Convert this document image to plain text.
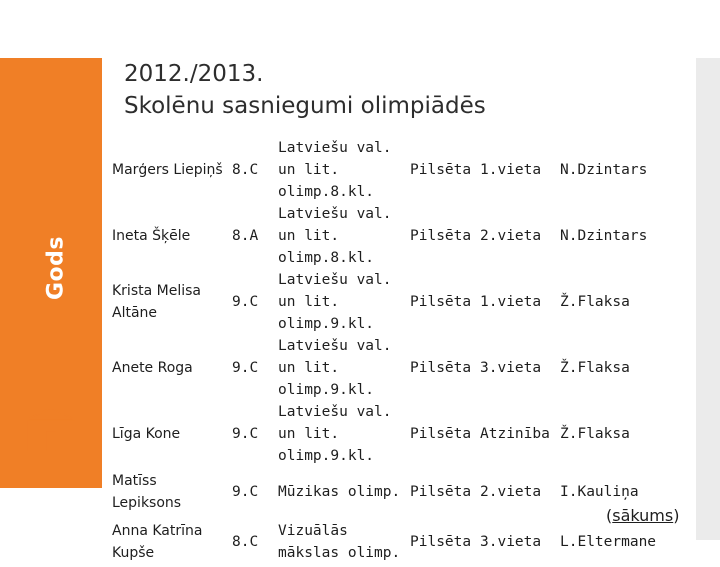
Gods
2012./2013.
Skolēnu sasniegumi olimpiādēs
Marģers Liepiņš	8.C	Latviešu val. un lit. olimp.8.kl.	Pilsēta	1.vieta	N.Dzintars
Ineta Šķēle	8.A	Latviešu val. un lit. olimp.8.kl.	Pilsēta	2.vieta	N.Dzintars
Krista Melisa Altāne	9.C	Latviešu val. un lit. olimp.9.kl.	Pilsēta	1.vieta	Ž.Flaksa
Anete Roga	9.C	Latviešu val. un lit. olimp.9.kl.	Pilsēta	3.vieta	Ž.Flaksa
Līga Kone	9.C	Latviešu val. un lit. olimp.9.kl.	Pilsēta	Atzinība	Ž.Flaksa
Matīss Lepiksons	9.C	Mūzikas olimp.	Pilsēta	2.vieta	I.Kauliņa
Anna Katrīna Kupše	8.C	Vizuālās mākslas olimp.	Pilsēta	3.vieta	L.Eltermane
(sākums)
